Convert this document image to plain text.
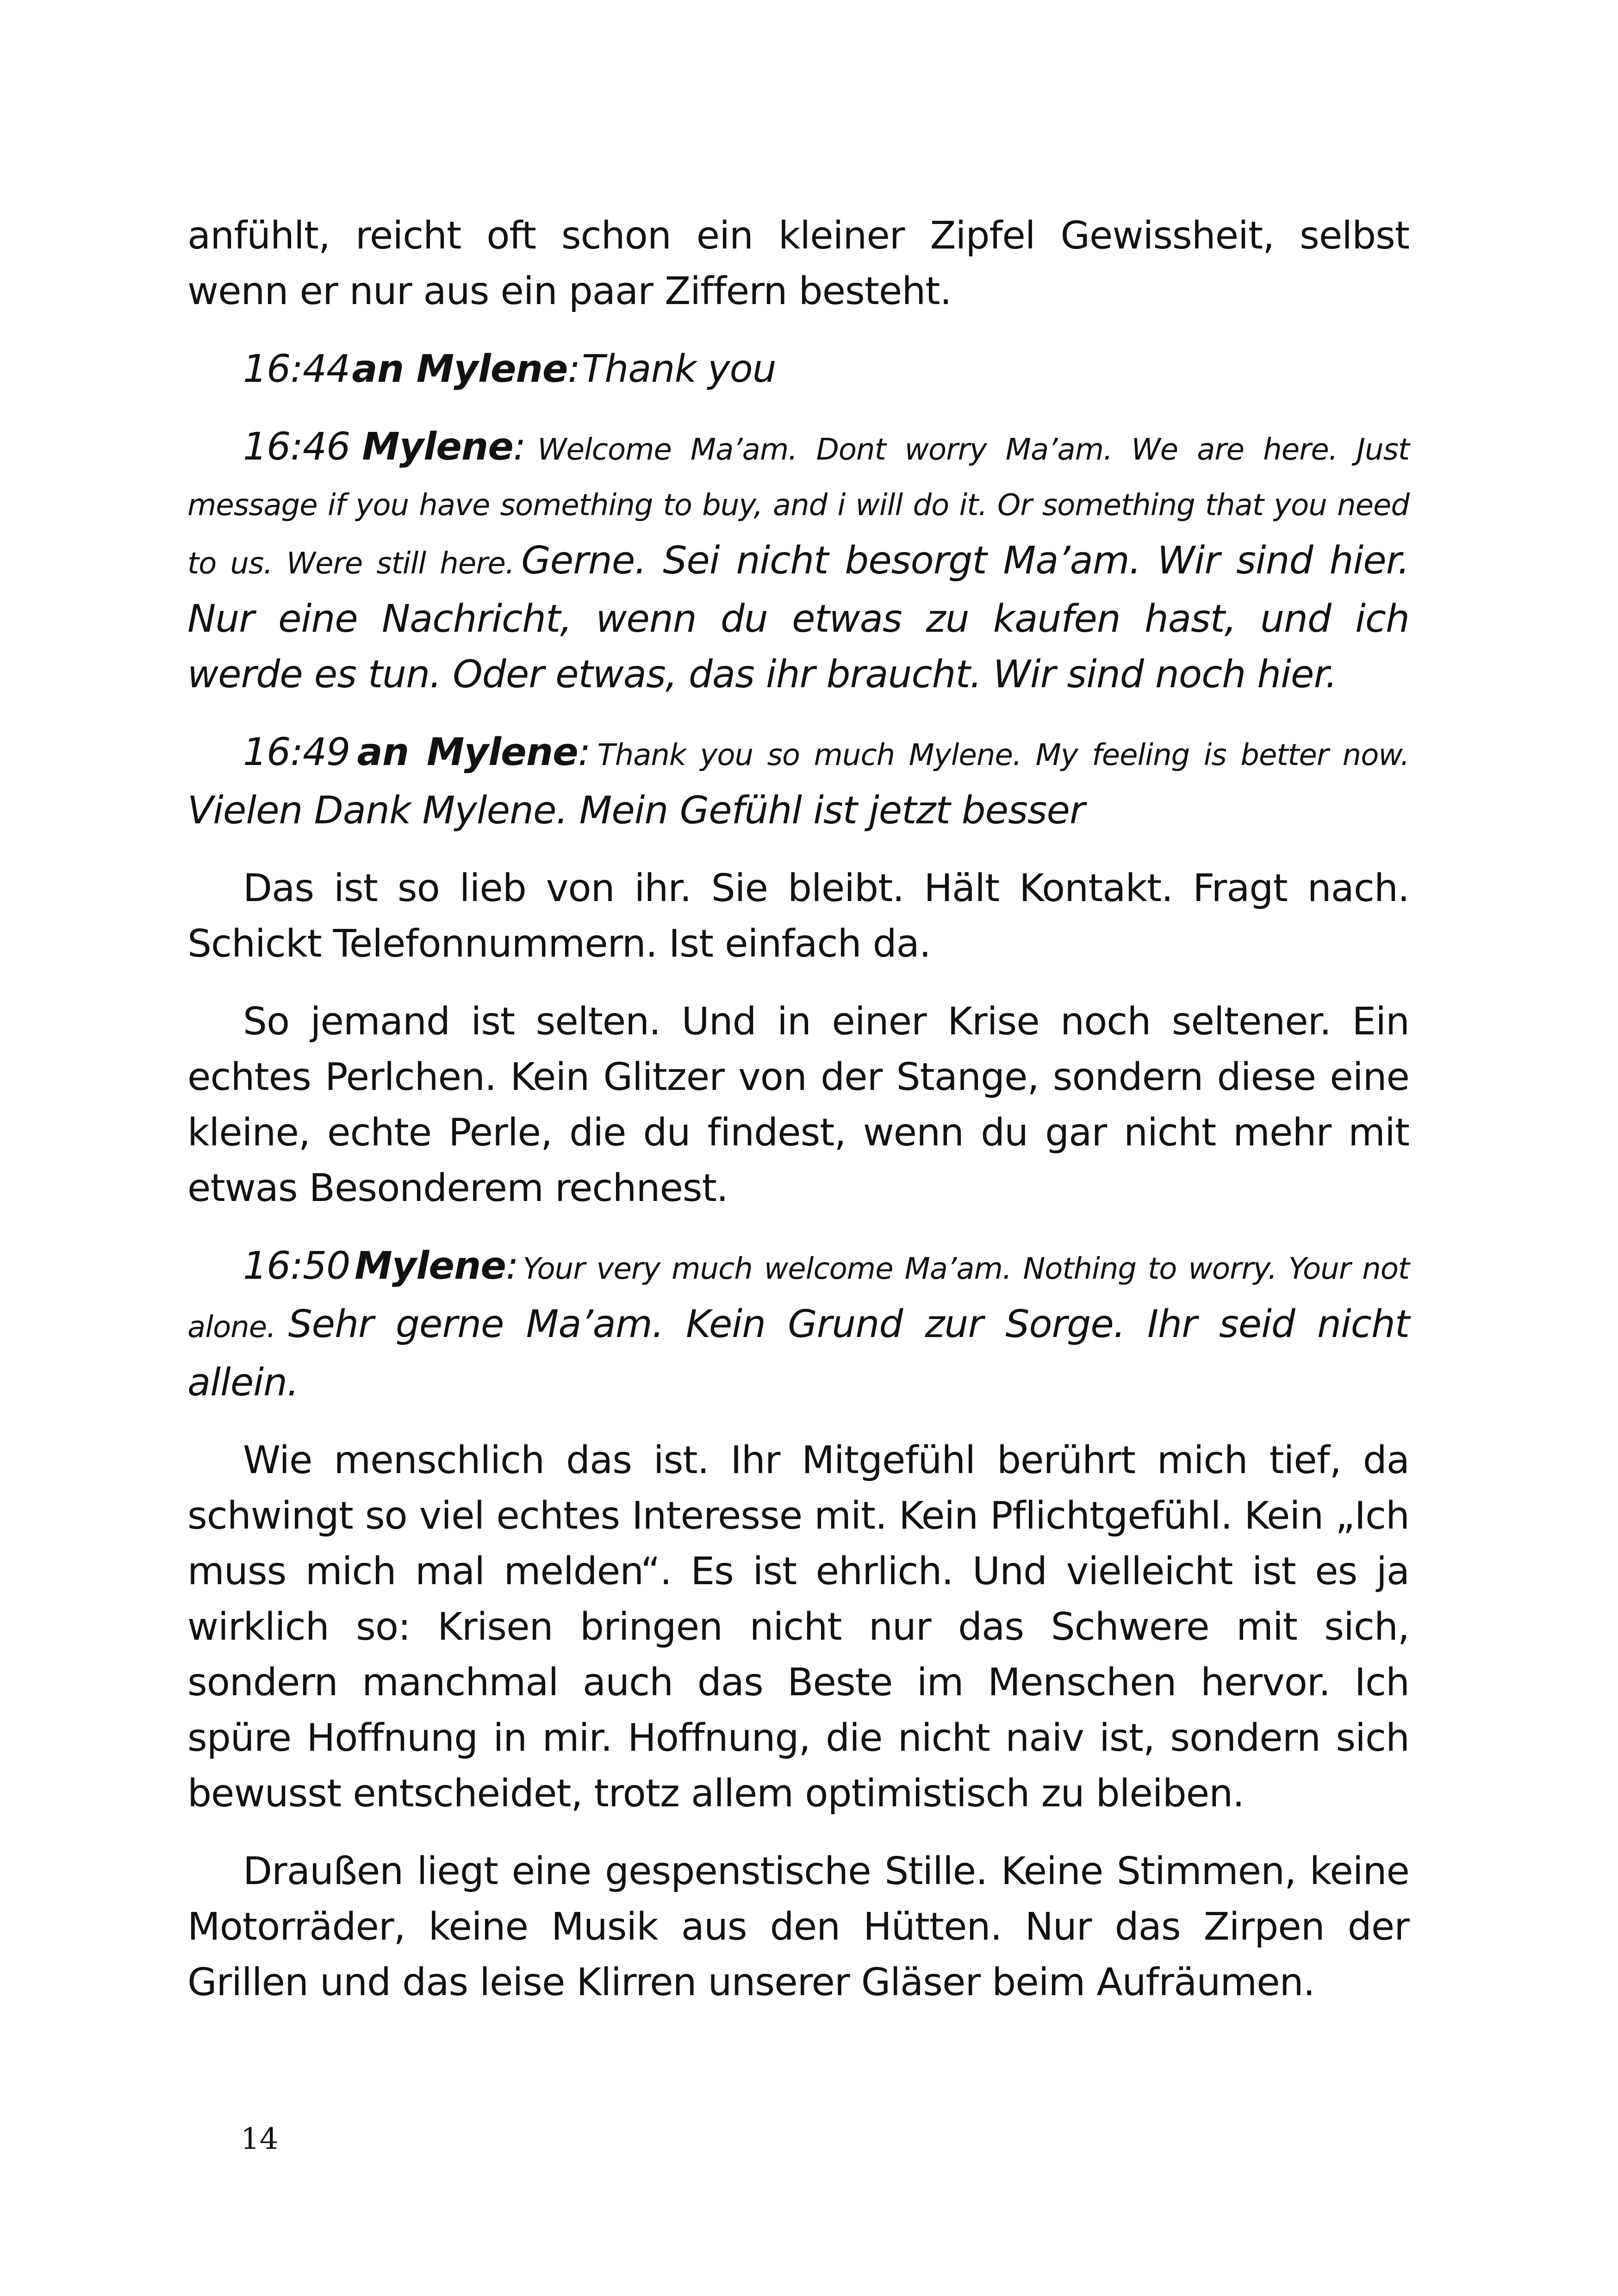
anfühlt, reicht oft schon ein kleiner Zipfel Gewissheit, selbst wenn er nur aus ein paar Ziffern besteht.

16:44 an Mylene: Thank you

16:46 Mylene: Welcome Ma’am. Dont worry Ma’am. We are here. Just message if you have something to buy, and i will do it. Or something that you need to us. Were still here. Gerne. Sei nicht besorgt Ma’am. Wir sind hier. Nur eine Nachricht, wenn du etwas zu kaufen hast, und ich werde es tun. Oder etwas, das ihr braucht. Wir sind noch hier.

16:49 an Mylene: Thank you so much Mylene. My feeling is better now. Vielen Dank Mylene. Mein Gefühl ist jetzt besser

Das ist so lieb von ihr. Sie bleibt. Hält Kontakt. Fragt nach. Schickt Telefonnummern. Ist einfach da.

So jemand ist selten. Und in einer Krise noch seltener. Ein echtes Perlchen. Kein Glitzer von der Stange, sondern diese eine kleine, echte Perle, die du findest, wenn du gar nicht mehr mit etwas Besonderem rechnest.

16:50 Mylene: Your very much welcome Ma’am. Nothing to worry. Your not alone. Sehr gerne Ma’am. Kein Grund zur Sorge. Ihr seid nicht allein.

Wie menschlich das ist. Ihr Mitgefühl berührt mich tief, da schwingt so viel echtes Interesse mit. Kein Pflichtgefühl. Kein „Ich muss mich mal melden“. Es ist ehrlich. Und vielleicht ist es ja wirklich so: Krisen bringen nicht nur das Schwere mit sich, sondern manchmal auch das Beste im Menschen hervor. Ich spüre Hoffnung in mir. Hoffnung, die nicht naiv ist, sondern sich bewusst entscheidet, trotz allem optimistisch zu bleiben.

Draußen liegt eine gespenstische Stille. Keine Stimmen, keine Motorräder, keine Musik aus den Hütten. Nur das Zirpen der Grillen und das leise Klirren unserer Gläser beim Aufräumen.

14
